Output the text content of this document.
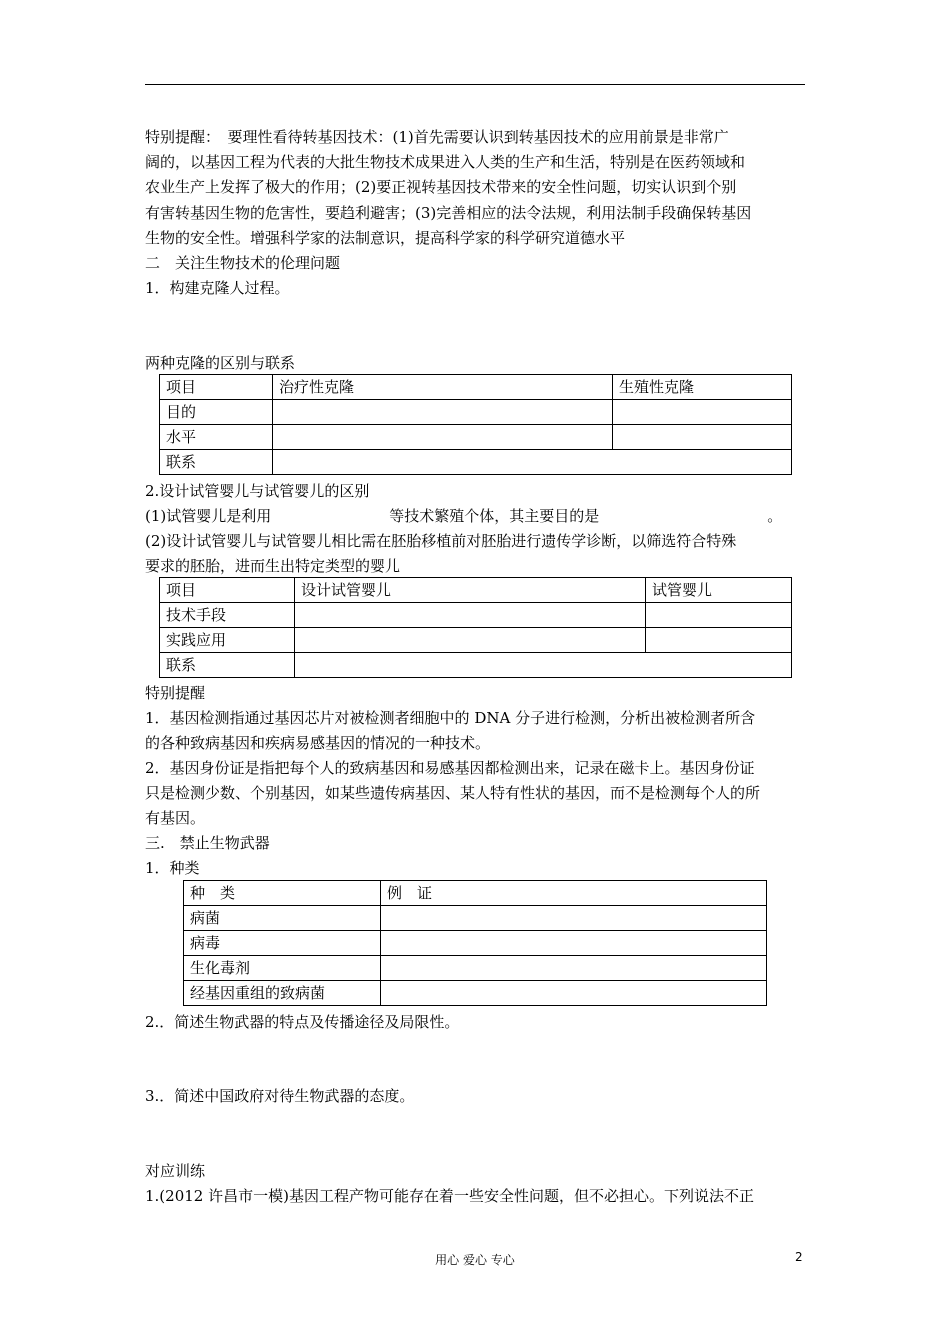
特别提醒：　要理性看待转基因技术：(1)首先需要认识到转基因技术的应用前景是非常广
阔的，以基因工程为代表的大批生物技术成果进入人类的生产和生活，特别是在医药领域和
农业生产上发挥了极大的作用；(2)要正视转基因技术带来的安全性问题，切实认识到个别
有害转基因生物的危害性，要趋利避害；(3)完善相应的法令法规，利用法制手段确保转基因
生物的安全性。增强科学家的法制意识，提高科学家的科学研究道德水平
二　关注生物技术的伦理问题
1．构建克隆人过程。
两种克隆的区别与联系
项目	治疗性克隆	生殖性克隆
目的		
水平		
联系		
2.设计试管婴儿与试管婴儿的区别
(1)试管婴儿是利用	等技术繁殖个体，其主要目的是	。
(2)设计试管婴儿与试管婴儿相比需在胚胎移植前对胚胎进行遗传学诊断，以筛选符合特殊
要求的胚胎，进而生出特定类型的婴儿
项目	设计试管婴儿	试管婴儿
技术手段		
实践应用		
联系		
特别提醒
1．基因检测指通过基因芯片对被检测者细胞中的 DNA 分子进行检测，分析出被检测者所含
的各种致病基因和疾病易感基因的情况的一种技术。
2．基因身份证是指把每个人的致病基因和易感基因都检测出来，记录在磁卡上。基因身份证
只是检测少数、个别基因，如某些遗传病基因、某人特有性状的基因，而不是检测每个人的所
有基因。
三.　禁止生物武器
1．种类
种　类	例　证
病菌	
病毒	
生化毒剂	
经基因重组的致病菌	
2.．简述生物武器的特点及传播途径及局限性。
3.．简述中国政府对待生物武器的态度。
对应训练
1.(2012 许昌市一模)基因工程产物可能存在着一些安全性问题，但不必担心。下列说法不正
用心 爱心 专心	2
